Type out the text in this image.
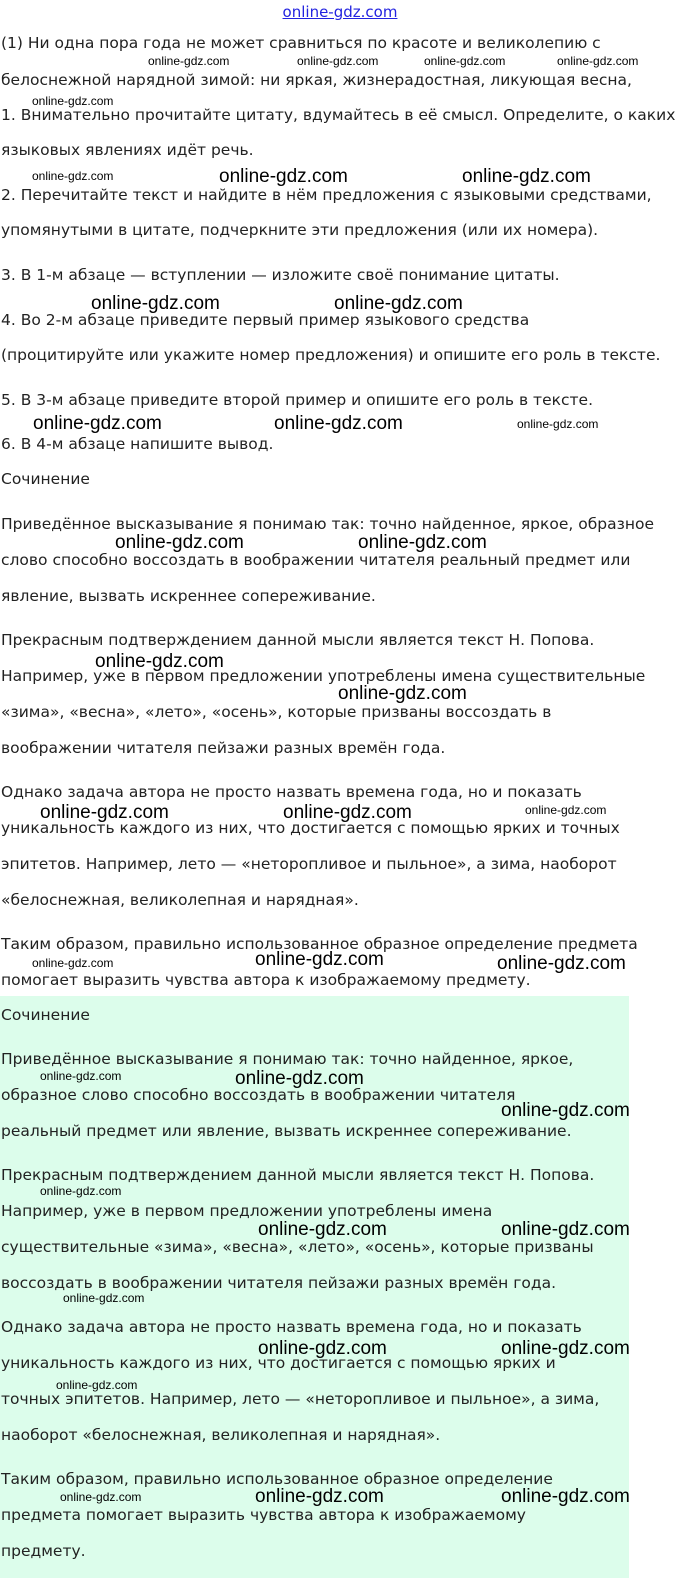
online-gdz.com
(1) Ни одна пора года не может сравниться по красоте и великолепию с
белоснежной нарядной зимой: ни яркая, жизнерадостная, ликующая весна,
1. Внимательно прочитайте цитату, вдумайтесь в её смысл. Определите, о каких
языковых явлениях идёт речь.
2. Перечитайте текст и найдите в нём предложения с языковыми средствами,
упомянутыми в цитате, подчеркните эти предложения (или их номера).
3. В 1-м абзаце — вступлении — изложите своё понимание цитаты.
4. Во 2-м абзаце приведите первый пример языкового средства
(процитируйте или укажите номер предложения) и опишите его роль в тексте.
5. В 3-м абзаце приведите второй пример и опишите его роль в тексте.
6. В 4-м абзаце напишите вывод.
Сочинение
Приведённое высказывание я понимаю так: точно найденное, яркое, образное
слово способно воссоздать в воображении читателя реальный предмет или
явление, вызвать искреннее сопереживание.
Прекрасным подтверждением данной мысли является текст Н. Попова.
Например, уже в первом предложении употреблены имена существительные
«зима», «весна», «лето», «осень», которые призваны воссоздать в
воображении читателя пейзажи разных времён года.
Однако задача автора не просто назвать времена года, но и показать
уникальность каждого из них, что достигается с помощью ярких и точных
эпитетов. Например, лето — «неторопливое и пыльное», а зима, наоборот
«белоснежная, великолепная и нарядная».
Таким образом, правильно использованное образное определение предмета
помогает выразить чувства автора к изображаемому предмету.
Сочинение
Приведённое высказывание я понимаю так: точно найденное, яркое,
образное слово способно воссоздать в воображении читателя
реальный предмет или явление, вызвать искреннее сопереживание.
Прекрасным подтверждением данной мысли является текст Н. Попова.
Например, уже в первом предложении употреблены имена
существительные «зима», «весна», «лето», «осень», которые призваны
воссоздать в воображении читателя пейзажи разных времён года.
Однако задача автора не просто назвать времена года, но и показать
уникальность каждого из них, что достигается с помощью ярких и
точных эпитетов. Например, лето — «неторопливое и пыльное», а зима,
наоборот «белоснежная, великолепная и нарядная».
Таким образом, правильно использованное образное определение
предмета помогает выразить чувства автора к изображаемому
предмету.
online-gdz.com	online-gdz.com	online-gdz.com	online-gdz.com
online-gdz.com
online-gdz.com	online-gdz.com	online-gdz.com
online-gdz.com	online-gdz.com
online-gdz.com	online-gdz.com	online-gdz.com
online-gdz.com	online-gdz.com
online-gdz.com
online-gdz.com
online-gdz.com	online-gdz.com	online-gdz.com
online-gdz.com	online-gdz.com	online-gdz.com
online-gdz.com	online-gdz.com
online-gdz.com
online-gdz.com
online-gdz.com	online-gdz.com
online-gdz.com
online-gdz.com	online-gdz.com
online-gdz.com
online-gdz.com	online-gdz.com	online-gdz.com
